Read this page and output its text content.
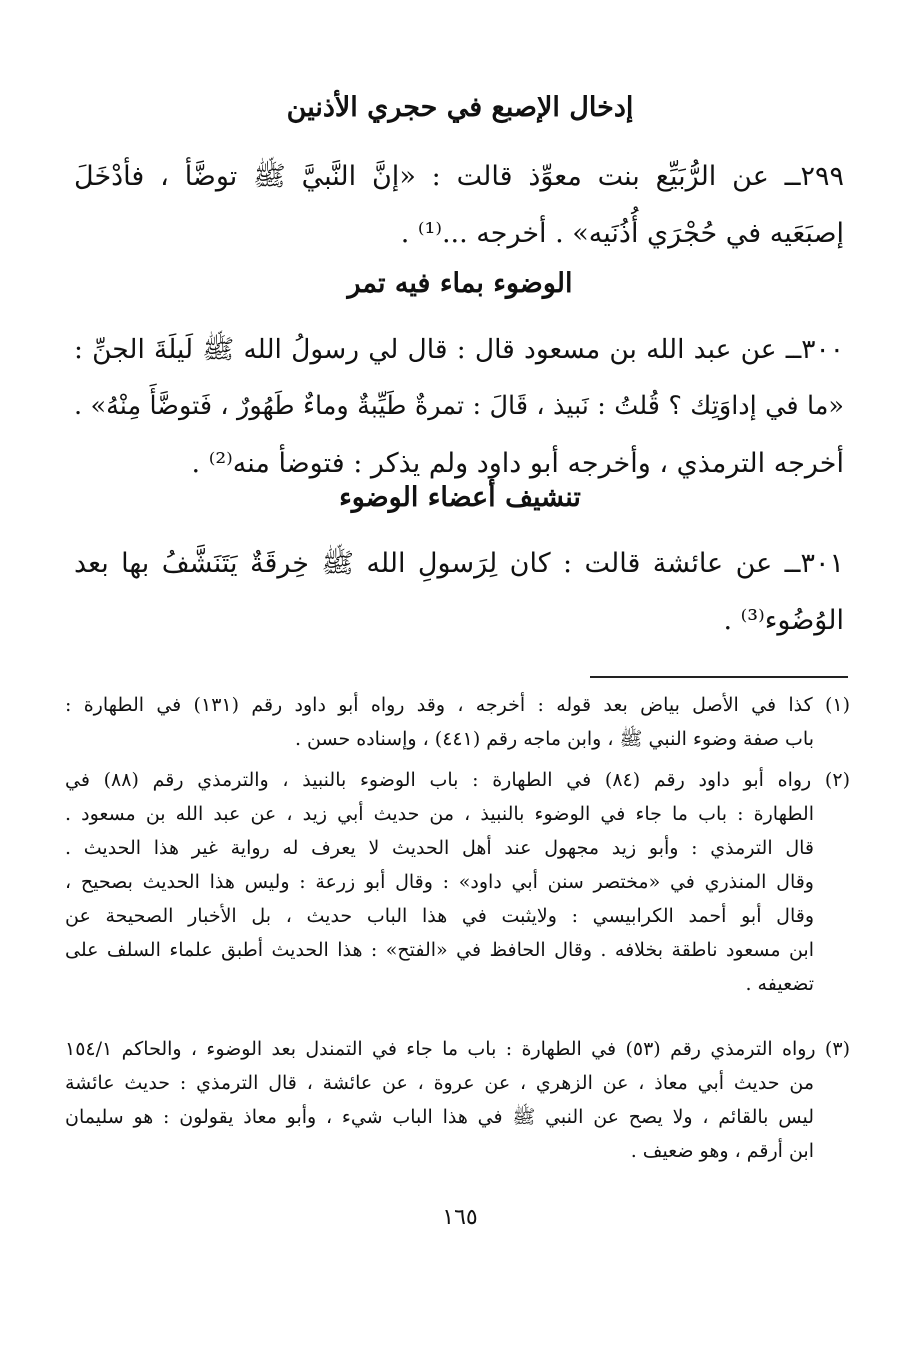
إدخال الإصبع في حجري الأذنين
٢٩٩ــ عن الرُّبَيِّع بنت معوِّذ قالت : «إنَّ النَّبيَّ ﷺ توضَّأ ، فأدْخَلَ
إصبَعَيه في حُجْرَي أُذُنَيه» . أخرجه ...⁽¹⁾ .
الوضوء بماء فيه تمر
٣٠٠ــ عن عبد الله بن مسعود قال : قال لي رسولُ الله ﷺ لَيلَةَ الجنِّ :
«ما في إداوَتِك ؟ قُلتُ : نَبيذ ، قَالَ : تمرةٌ طَيِّبةٌ وماءٌ طَهُورٌ ، فَتوضَّأَ مِنْهُ» .
أخرجه الترمذي ، وأخرجه أبو داود ولم يذكر : فتوضأ منه⁽²⁾ .
تنشيف أعضاء الوضوء
٣٠١ــ عن عائشة قالت : كان لِرَسولِ الله ﷺ خِرقَةٌ يَتَنَشَّفُ بها بعد
الوُضُوء⁽³⁾ .
(١) كذا في الأصل بياض بعد قوله : أخرجه ، وقد رواه أبو داود رقم (١٣١) في الطهارة :
باب صفة وضوء النبي ﷺ ، وابن ماجه رقم (٤٤١) ، وإسناده حسن .
(٢) رواه أبو داود رقم (٨٤) في الطهارة : باب الوضوء بالنبيذ ، والترمذي رقم (٨٨) في
الطهارة : باب ما جاء في الوضوء بالنبيذ ، من حديث أبي زيد ، عن عبد الله بن مسعود .
قال الترمذي : وأبو زيد مجهول عند أهل الحديث لا يعرف له رواية غير هذا الحديث .
وقال المنذري في «مختصر سنن أبي داود» : وقال أبو زرعة : وليس هذا الحديث بصحيح ،
وقال أبو أحمد الكرابيسي : ولايثبت في هذا الباب حديث ، بل الأخبار الصحيحة عن
ابن مسعود ناطقة بخلافه . وقال الحافظ في «الفتح» : هذا الحديث أطبق علماء السلف على
تضعيفه .
(٣) رواه الترمذي رقم (٥٣) في الطهارة : باب ما جاء في التمندل بعد الوضوء ، والحاكم ١٥٤/١
من حديث أبي معاذ ، عن الزهري ، عن عروة ، عن عائشة ، قال الترمذي : حديث عائشة
ليس بالقائم ، ولا يصح عن النبي ﷺ في هذا الباب شيء ، وأبو معاذ يقولون : هو سليمان
ابن أرقم ، وهو ضعيف .
١٦٥
